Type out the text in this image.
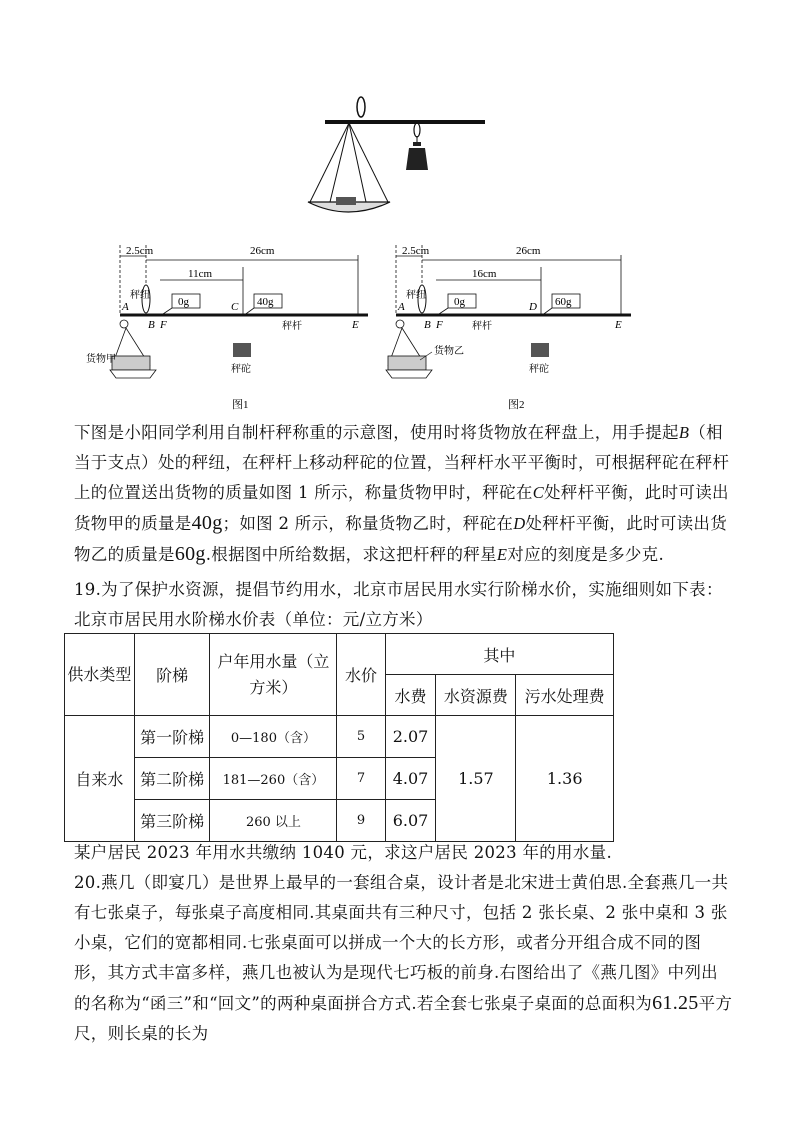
2.5cm	26cm
11cm
秤纽
0g	40g
A
B F
C
E
秤杆
货物甲
秤砣
图1
2.5cm	26cm
16cm
秤纽
0g	60g
A
B F
D
E
秤杆
货物乙
秤砣
图2
下图是小阳同学利用自制杆秤称重的示意图，使用时将货物放在秤盘上，用手提起B（相当于支点）处的秤纽，在秤杆上移动秤砣的位置，当秤杆水平平衡时，可根据秤砣在秤杆上的位置送出货物的质量如图 1 所示，称量货物甲时，秤砣在C处秤杆平衡，此时可读出货物甲的质量是40g；如图 2 所示，称量货物乙时，秤砣在D处秤杆平衡，此时可读出货物乙的质量是60g.根据图中所给数据，求这把杆秤的秤星E对应的刻度是多少克.
19.为了保护水资源，提倡节约用水，北京市居民用水实行阶梯水价，实施细则如下表：
北京市居民用水阶梯水价表（单位：元/立方米）
供水类型	阶梯	户年用水量（立方米）	水价	其中		
				水费	水资源费	污水处理费
自来水	第一阶梯	0—180（含）	5	2.07	1.57	1.36
	第二阶梯	181—260（含）	7	4.07		
	第三阶梯	260 以上	9	6.07		
某户居民 2023 年用水共缴纳 1040 元，求这户居民 2023 年的用水量.
20.燕几（即宴几）是世界上最早的一套组合桌，设计者是北宋进士黄伯思.全套燕几一共有七张桌子，每张桌子高度相同.其桌面共有三种尺寸，包括 2 张长桌、2 张中桌和 3 张小桌，它们的宽都相同.七张桌面可以拼成一个大的长方形，或者分开组合成不同的图形，其方式丰富多样，燕几也被认为是现代七巧板的前身.右图给出了《燕几图》中列出的名称为“函三”和“回文”的两种桌面拼合方式.若全套七张桌子桌面的总面积为61.25平方尺，则长桌的长为
